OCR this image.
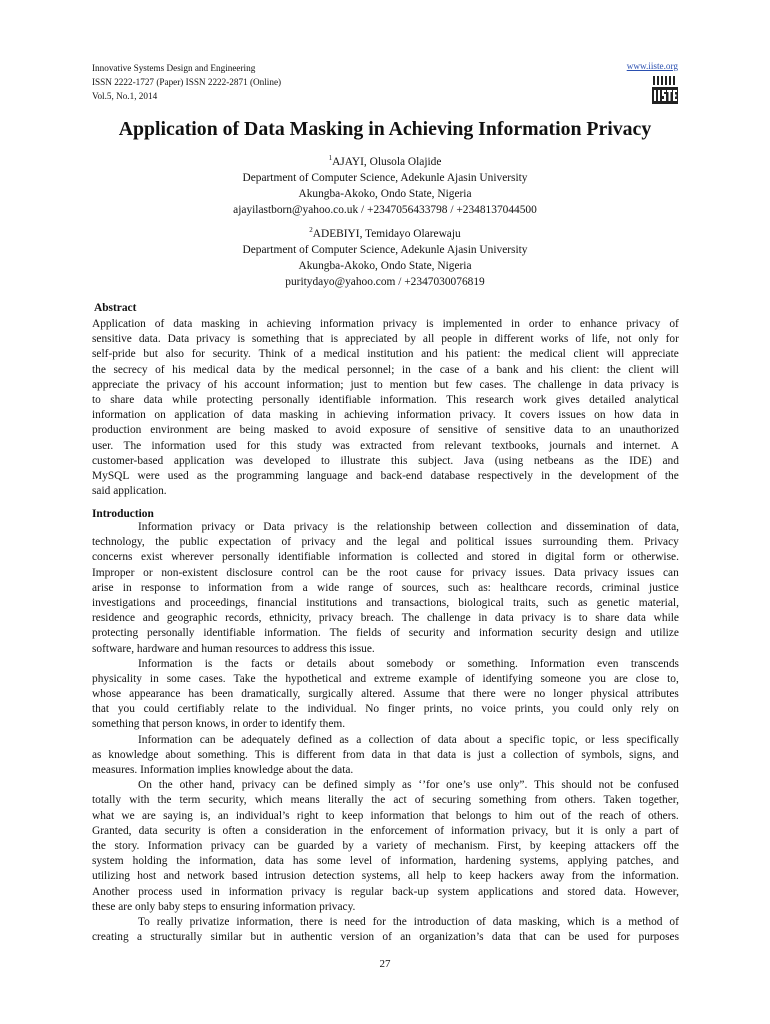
Innovative Systems Design and Engineering
ISSN 2222-1727 (Paper) ISSN 2222-2871 (Online)
Vol.5, No.1, 2014
www.iiste.org
Application of Data Masking in Achieving Information Privacy
$^1$AJAYI, Olusola Olajide
Department of Computer Science, Adekunle Ajasin University
Akungba-Akoko, Ondo State, Nigeria
ajayilastborn@yahoo.co.uk / +2347056433798 / +2348137044500
$^2$ADEBIYI, Temidayo Olarewaju
Department of Computer Science, Adekunle Ajasin University
Akungba-Akoko, Ondo State, Nigeria
puritydayo@yahoo.com / +2347030076819
Abstract
Application of data masking in achieving information privacy is implemented in order to enhance privacy of
sensitive data. Data privacy is something that is appreciated by all people in different works of life, not only for
self-pride but also for security. Think of a medical institution and his patient: the medical client will appreciate
the secrecy of his medical data by the medical personnel; in the case of a bank and his client: the client will
appreciate the privacy of his account information; just to mention but few cases. The challenge in data privacy is
to share data while protecting personally identifiable information. This research work gives detailed analytical
information on application of data masking in achieving information privacy. It covers issues on how data in
production environment are being masked to avoid exposure of sensitive of sensitive data to an unauthorized
user. The information used for this study was extracted from relevant textbooks, journals and internet. A
customer-based application was developed to illustrate this subject. Java (using netbeans as the IDE) and
MySQL were used as the programming language and back-end database respectively in the development of the
said application.
Introduction
Information privacy or Data privacy is the relationship between collection and dissemination of data,
technology, the public expectation of privacy and the legal and political issues surrounding them. Privacy
concerns exist wherever personally identifiable information is collected and stored in digital form or otherwise.
Improper or non-existent disclosure control can be the root cause for privacy issues. Data privacy issues can
arise in response to information from a wide range of sources, such as: healthcare records, criminal justice
investigations and proceedings, financial institutions and transactions, biological traits, such as genetic material,
residence and geographic records, ethnicity, privacy breach. The challenge in data privacy is to share data while
protecting personally identifiable information. The fields of security and information security design and utilize
software, hardware and human resources to address this issue.
Information is the facts or details about somebody or something. Information even transcends
physicality in some cases. Take the hypothetical and extreme example of identifying someone you are close to,
whose appearance has been dramatically, surgically altered. Assume that there were no longer physical attributes
that you could certifiably relate to the individual. No finger prints, no voice prints, you could only rely on
something that person knows, in order to identify them.
Information can be adequately defined as a collection of data about a specific topic, or less specifically
as knowledge about something. This is different from data in that data is just a collection of symbols, signs, and
measures. Information implies knowledge about the data.
On the other hand, privacy can be defined simply as ‘’for one’s use only”. This should not be confused
totally with the term security, which means literally the act of securing something from others. Taken together,
what we are saying is, an individual’s right to keep information that belongs to him out of the reach of others.
Granted, data security is often a consideration in the enforcement of information privacy, but it is only a part of
the story. Information privacy can be guarded by a variety of mechanism. First, by keeping attackers off the
system holding the information, data has some level of information, hardening systems, applying patches, and
utilizing host and network based intrusion detection systems, all help to keep hackers away from the information.
Another process used in information privacy is regular back-up system applications and stored data. However,
these are only baby steps to ensuring information privacy.
To really privatize information, there is need for the introduction of data masking, which is a method of
creating a structurally similar but in authentic version of an organization’s data that can be used for purposes
27
